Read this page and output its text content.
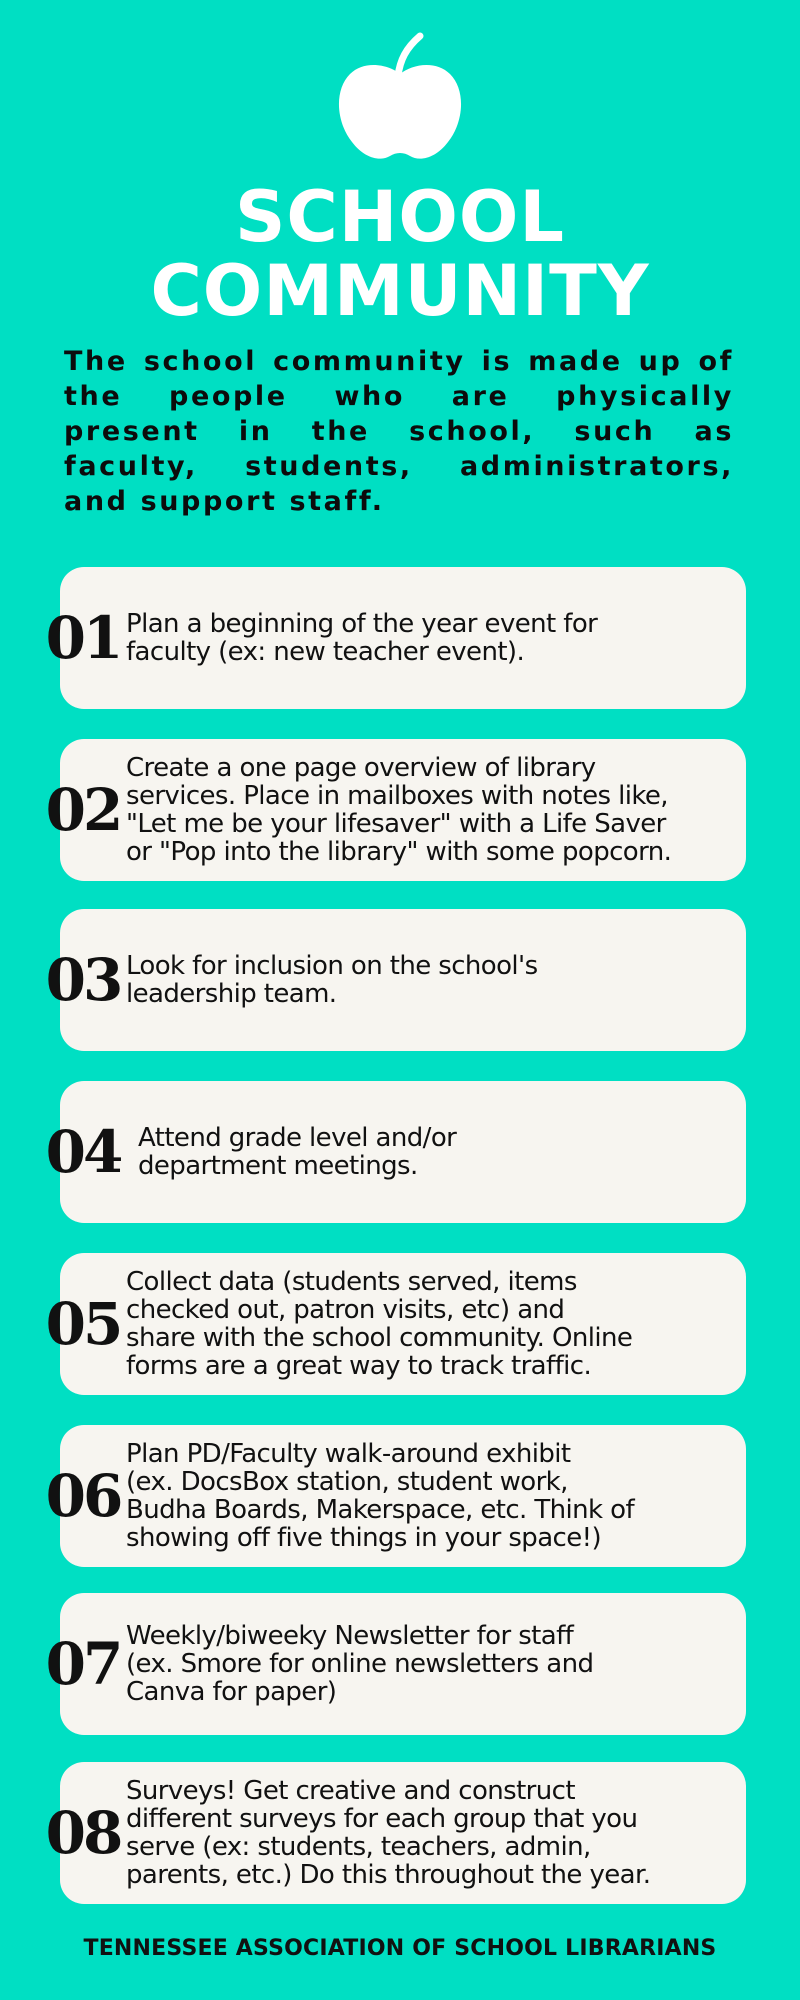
SCHOOL
COMMUNITY
The school community is made up of the people who are physically present in the school, such as faculty, students, administrators, and support staff.
01 Plan a beginning of the year event for
faculty (ex: new teacher event).
02
Create a one page overview of library
services. Place in mailboxes with notes like,
"Let me be your lifesaver" with a Life Saver
or "Pop into the library" with some popcorn.
03 Look for inclusion on the school's
leadership team.
04 Attend grade level and/or
department meetings.
05
Collect data (students served, items
checked out, patron visits, etc) and
share with the school community. Online
forms are a great way to track traffic.
06
Plan PD/Faculty walk-around exhibit
(ex. DocsBox station, student work,
Budha Boards, Makerspace, etc. Think of
showing off five things in your space!)
07 Weekly/biweeky Newsletter for staff
(ex. Smore for online newsletters and
Canva for paper)
08
Surveys! Get creative and construct
different surveys for each group that you
serve (ex: students, teachers, admin,
parents, etc.) Do this throughout the year.
TENNESSEE ASSOCIATION OF SCHOOL LIBRARIANS
